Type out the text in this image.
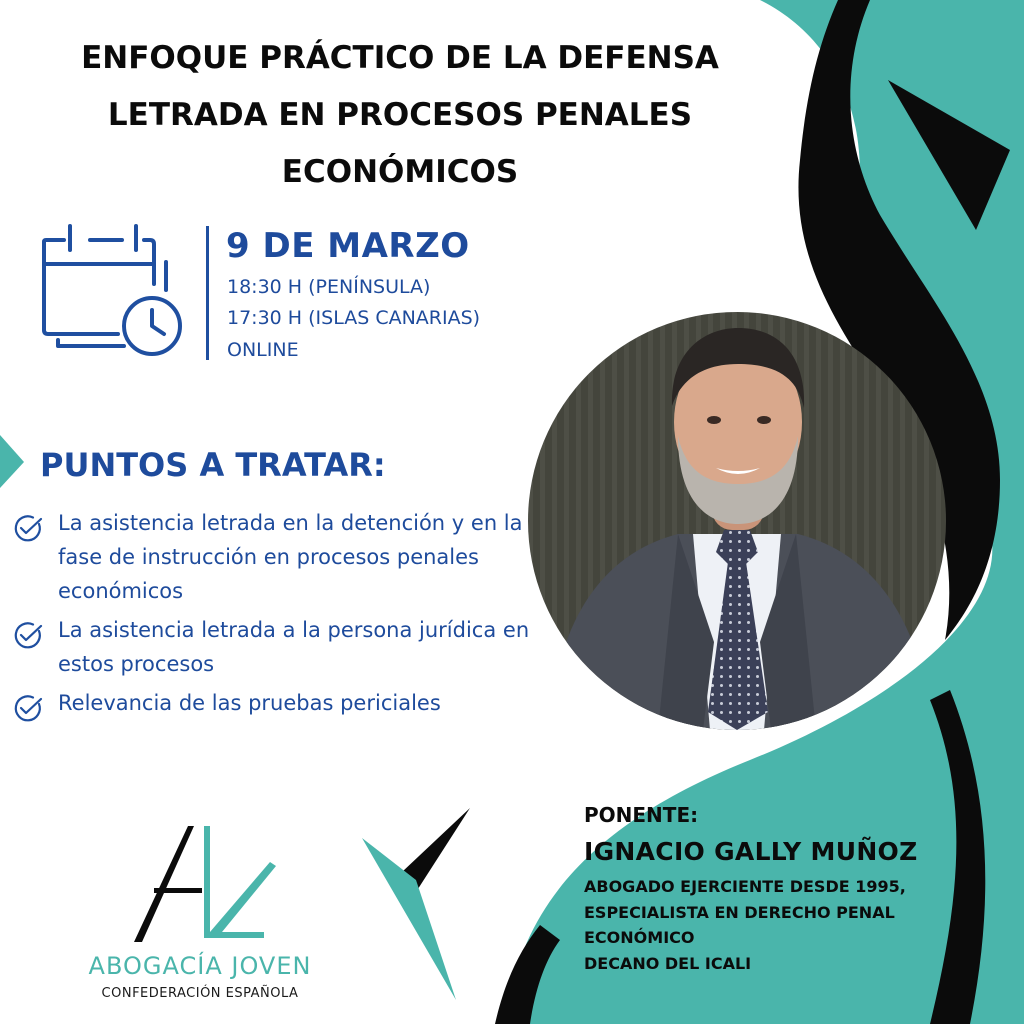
ENFOQUE PRÁCTICO DE LA DEFENSA
LETRADA EN PROCESOS PENALES
ECONÓMICOS
9 DE MARZO
18:30 H (PENÍNSULA)
17:30 H (ISLAS CANARIAS)
ONLINE
PUNTOS A TRATAR:
La asistencia letrada en la detención y en la fase de instrucción en procesos penales económicos
La asistencia letrada a la persona jurídica en estos procesos
Relevancia de las pruebas periciales
ABOGACÍA JOVEN
CONFEDERACIÓN ESPAÑOLA
PONENTE:
IGNACIO GALLY MUÑOZ
ABOGADO EJERCIENTE DESDE 1995,
ESPECIALISTA EN DERECHO PENAL
ECONÓMICO
DECANO DEL ICALI
